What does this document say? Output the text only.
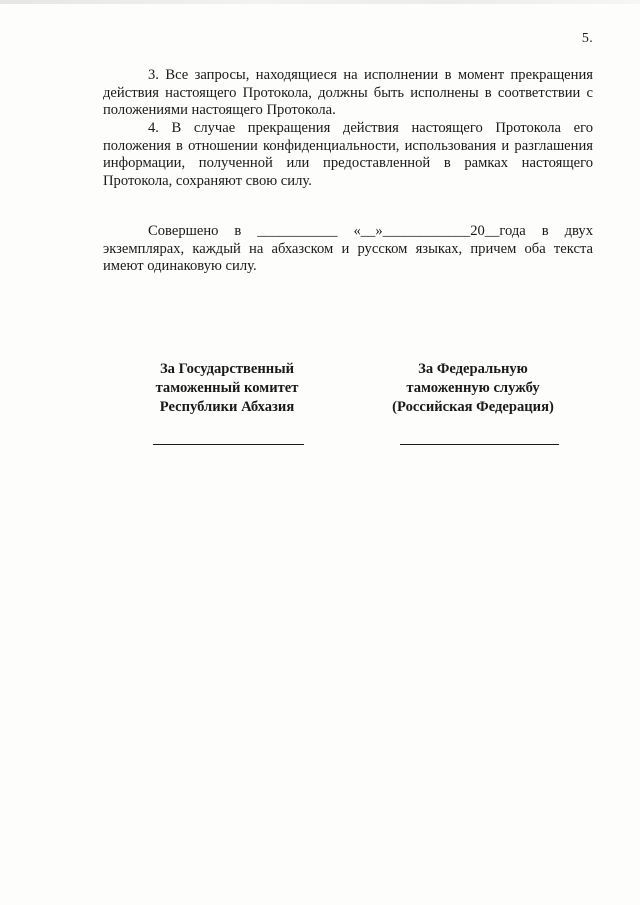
5.

3. Все запросы, находящиеся на исполнении в момент прекращения действия настоящего Протокола, должны быть исполнены в соответствии с положениями настоящего Протокола.

4. В случае прекращения действия настоящего Протокола его положения в отношении конфиденциальности, использования и разглашения информации, полученной или предоставленной в рамках настоящего Протокола, сохраняют свою силу.

Совершено в ___________ «__»____________20__года в двух экземплярах, каждый на абхазском и русском языках, причем оба текста имеют одинаковую силу.

За Государственный
таможенный комитет
Республики Абхазия
За Федеральную
таможенную службу
(Российская Федерация)
